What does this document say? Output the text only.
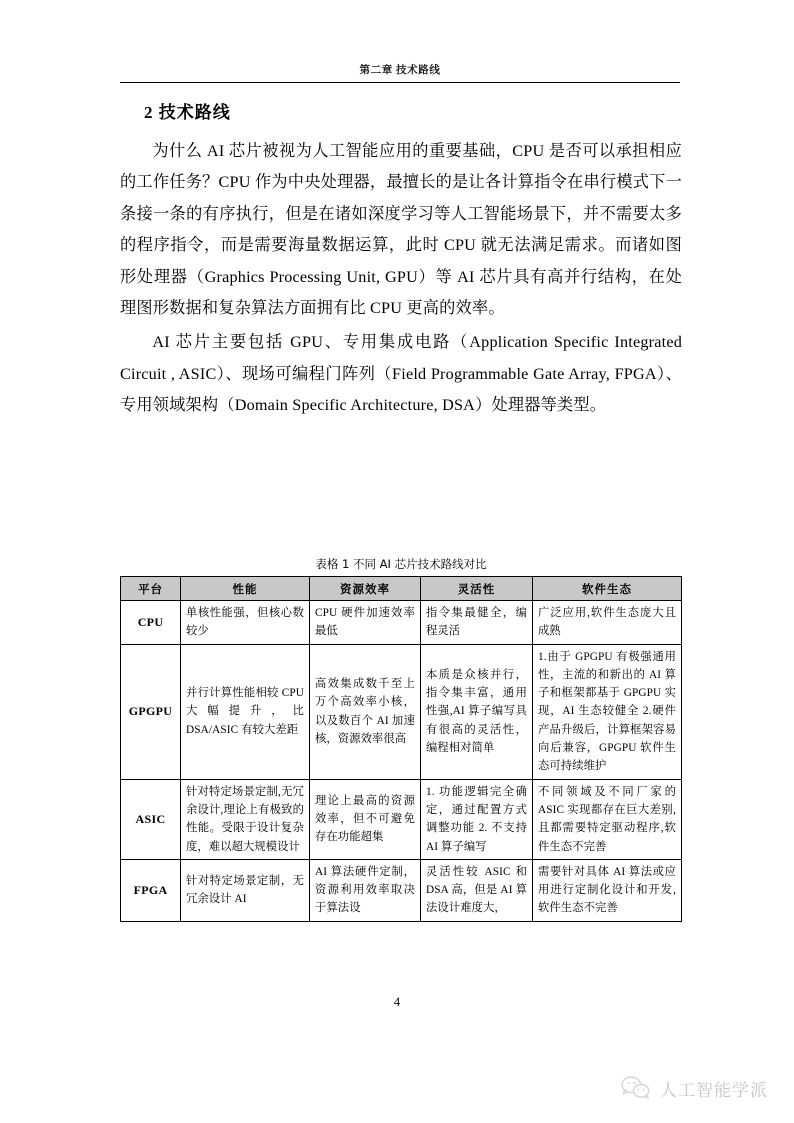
第二章 技术路线
2 技术路线

为什么 AI 芯片被视为人工智能应用的重要基础，CPU 是否可以承担相应的工作任务？CPU 作为中央处理器，最擅长的是让各计算指令在串行模式下一条接一条的有序执行，但是在诸如深度学习等人工智能场景下，并不需要太多的程序指令，而是需要海量数据运算，此时 CPU 就无法满足需求。而诸如图形处理器（Graphics Processing Unit, GPU）等 AI 芯片具有高并行结构，在处理图形数据和复杂算法方面拥有比 CPU 更高的效率。

AI 芯片主要包括 GPU、专用集成电路（Application Specific Integrated Circuit , ASIC）、现场可编程门阵列（Field Programmable Gate Array, FPGA）、专用领域架构（Domain Specific Architecture, DSA）处理器等类型。

表格 1 不同 AI 芯片技术路线对比
平台	性能	资源效率	灵活性	软件生态
CPU	单核性能强，但核心数较少	CPU 硬件加速效率最低	指令集最健全，编程灵活	广泛应用,软件生态庞大且成熟
GPGPU	并行计算性能相较 CPU 大幅提升，比 DSA/ASIC 有较大差距	高效集成数千至上万个高效率小核，以及数百个 AI 加速核，资源效率很高	本质是众核并行，指令集丰富，通用性强,AI 算子编写具有很高的灵活性，编程相对简单	1.由于 GPGPU 有极强通用性，主流的和新出的 AI 算子和框架都基于 GPGPU 实现，AI 生态较健全 2.硬件产品升级后，计算框架容易向后兼容，GPGPU 软件生态可持续维护
ASIC	针对特定场景定制,无冗余设计,理论上有极致的性能。受限于设计复杂度，难以超大规模设计	理论上最高的资源效率，但不可避免存在功能超集	1. 功能逻辑完全确定，通过配置方式调整功能 2. 不支持 AI 算子编写	不同领域及不同厂家的 ASIC 实现都存在巨大差别,且都需要特定驱动程序,软件生态不完善
FPGA	针对特定场景定制，无冗余设计 AI	AI 算法硬件定制，资源利用效率取决于算法设	灵活性较 ASIC 和 DSA 高，但是 AI 算法设计难度大，	需要针对具体 AI 算法或应用进行定制化设计和开发,软件生态不完善
4
人工智能学派
